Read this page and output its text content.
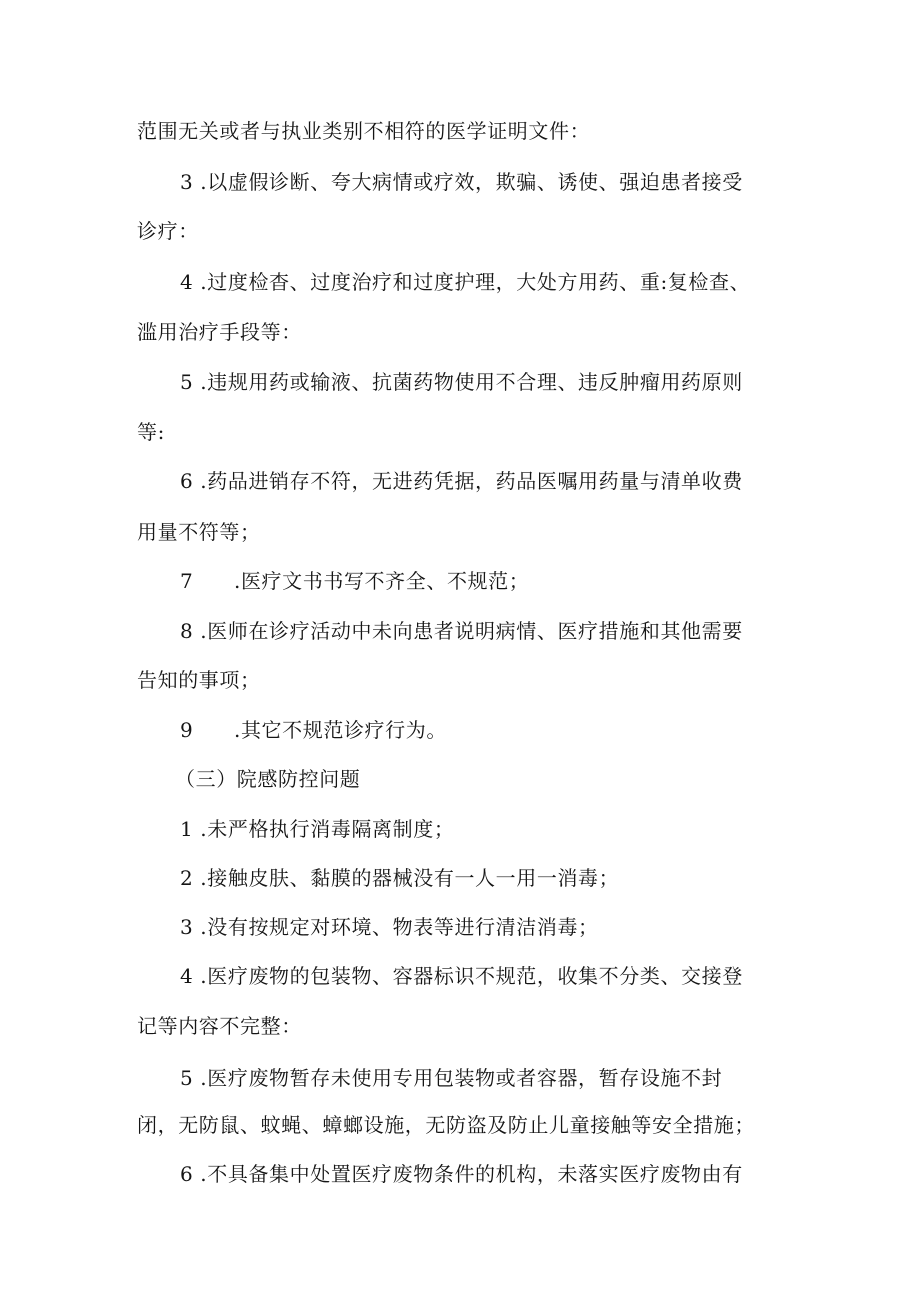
范围无关或者与执业类别不相符的医学证明文件：
3 .以虚假诊断、夸大病情或疗效，欺骗、诱使、强迫患者接受
诊疗：
4 .过度检杳、过度治疗和过度护理，大处方用药、重:复检查、
滥用治疗手段等：
5 .违规用药或输液、抗菌药物使用不合理、违反肿瘤用药原则
等:
6 .药品进销存不符，无进药凭据，药品医嘱用药量与清单收费
用量不符等；
7 .医疗文书书写不齐全、不规范；
8 .医师在诊疗活动中未向患者说明病情、医疗措施和其他需要
告知的事项；
9 .其它不规范诊疗行为。
（三）院感防控问题
1 .未严格执行消毒隔离制度；
2 .接触皮肤、黏膜的器械没有一人一用一消毒；
3 .没有按规定对环境、物表等进行清洁消毒；
4 .医疗废物的包装物、容器标识不规范，收集不分类、交接登
记等内容不完整：
5 .医疗废物暂存未使用专用包装物或者容器，暂存设施不封
闭，无防鼠、蚊蝇、蟑螂设施，无防盗及防止儿童接触等安全措施；
6 .不具备集中处置医疗废物条件的机构，未落实医疗废物由有
